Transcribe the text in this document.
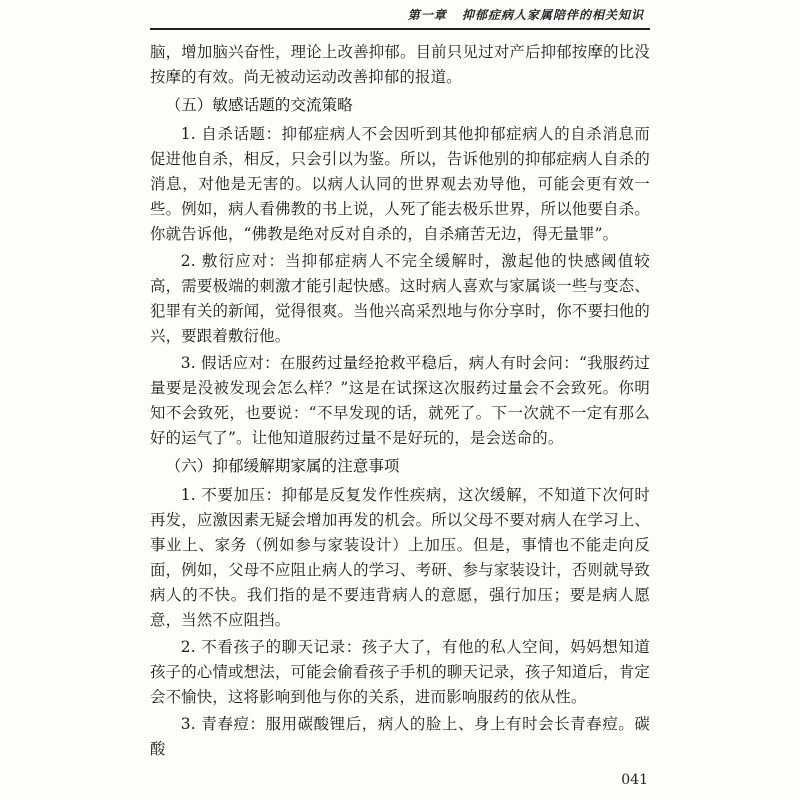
第一章 抑郁症病人家属陪伴的相关知识

脑，增加脑兴奋性，理论上改善抑郁。目前只见过对产后抑郁按摩的比没按摩的有效。尚无被动运动改善抑郁的报道。

（五）敏感话题的交流策略

1. 自杀话题：抑郁症病人不会因听到其他抑郁症病人的自杀消息而促进他自杀，相反，只会引以为鉴。所以，告诉他别的抑郁症病人自杀的消息，对他是无害的。以病人认同的世界观去劝导他，可能会更有效一些。例如，病人看佛教的书上说，人死了能去极乐世界，所以他要自杀。你就告诉他，“佛教是绝对反对自杀的，自杀痛苦无边，得无量罪”。

2. 敷衍应对：当抑郁症病人不完全缓解时，激起他的快感阈值较高，需要极端的刺激才能引起快感。这时病人喜欢与家属谈一些与变态、犯罪有关的新闻，觉得很爽。当他兴高采烈地与你分享时，你不要扫他的兴，要跟着敷衍他。

3. 假话应对：在服药过量经抢救平稳后，病人有时会问：“我服药过量要是没被发现会怎么样？”这是在试探这次服药过量会不会致死。你明知不会致死，也要说：“不早发现的话，就死了。下一次就不一定有那么好的运气了”。让他知道服药过量不是好玩的，是会送命的。

（六）抑郁缓解期家属的注意事项

1. 不要加压：抑郁是反复发作性疾病，这次缓解，不知道下次何时再发，应激因素无疑会增加再发的机会。所以父母不要对病人在学习上、事业上、家务（例如参与家装设计）上加压。但是，事情也不能走向反面，例如，父母不应阻止病人的学习、考研、参与家装设计，否则就导致病人的不快。我们指的是不要违背病人的意愿，强行加压；要是病人愿意，当然不应阻挡。

2. 不看孩子的聊天记录：孩子大了，有他的私人空间，妈妈想知道孩子的心情或想法，可能会偷看孩子手机的聊天记录，孩子知道后，肯定会不愉快，这将影响到他与你的关系，进而影响服药的依从性。

3. 青春痘：服用碳酸锂后，病人的脸上、身上有时会长青春痘。碳酸

041
